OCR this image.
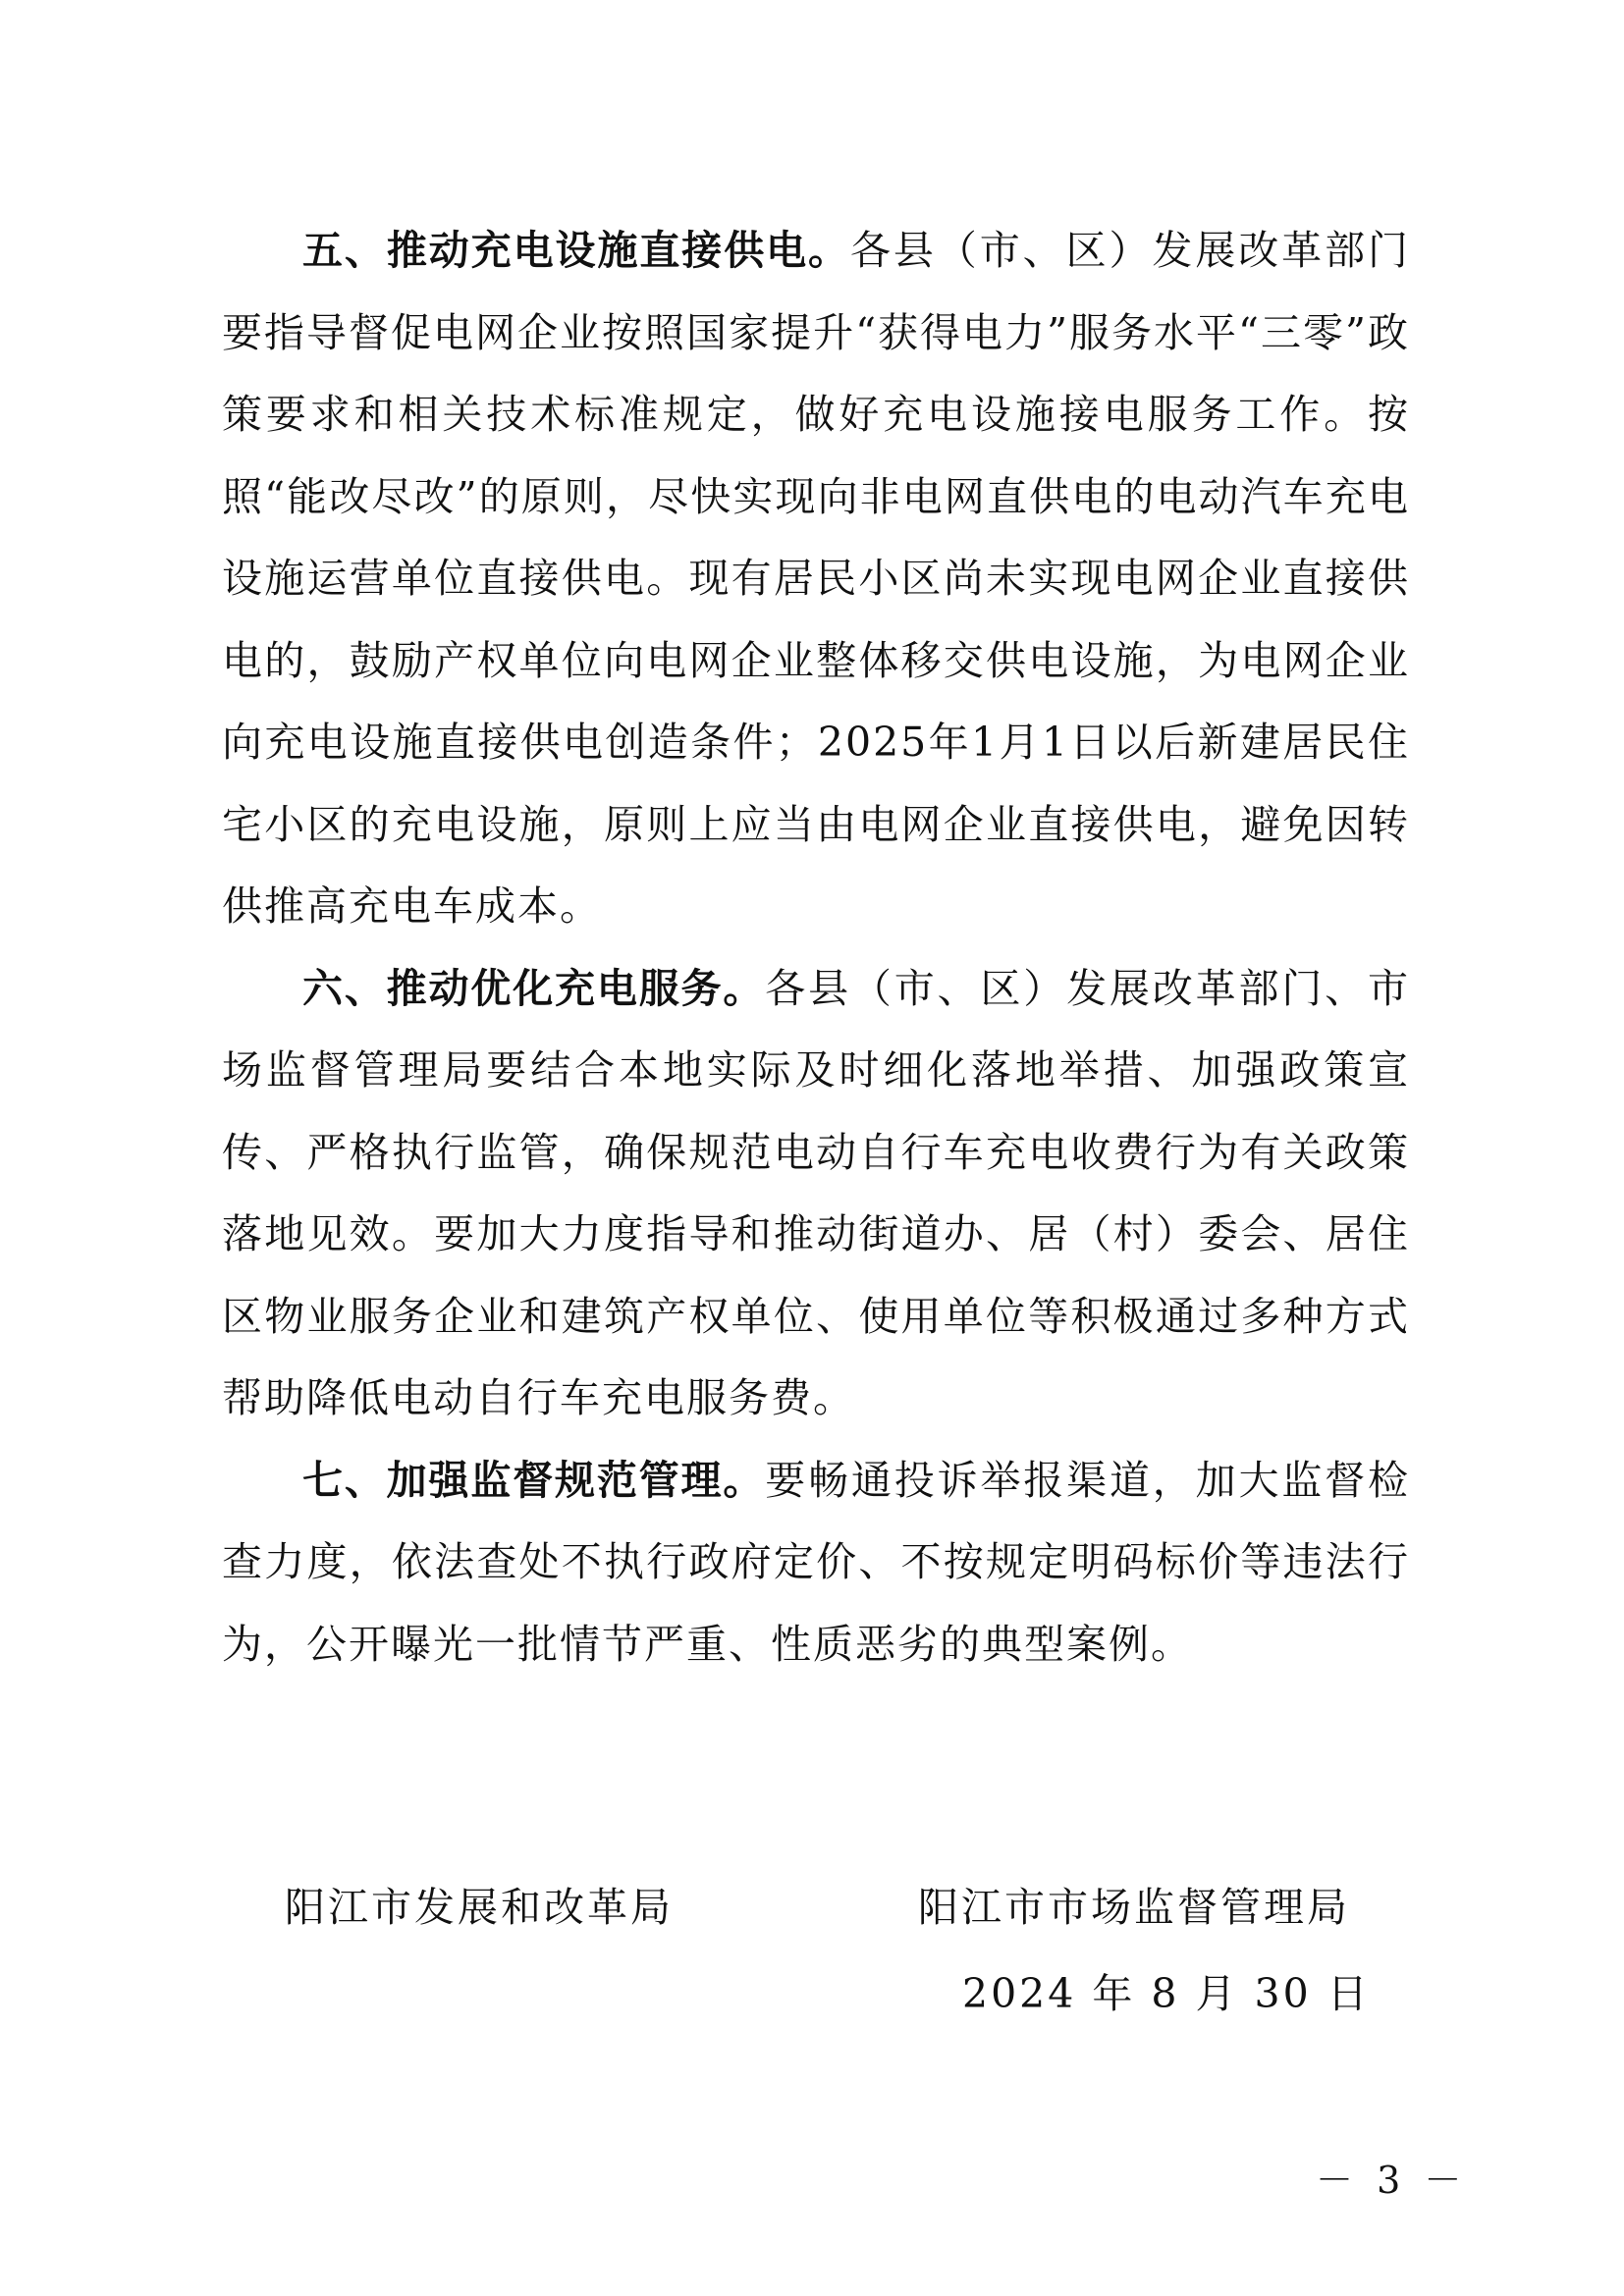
五、推动充电设施直接供电。各县（市、区）发展改革部门要指导督促电网企业按照国家提升“获得电力”服务水平“三零”政策要求和相关技术标准规定，做好充电设施接电服务工作。按照“能改尽改”的原则，尽快实现向非电网直供电的电动汽车充电设施运营单位直接供电。现有居民小区尚未实现电网企业直接供电的，鼓励产权单位向电网企业整体移交供电设施，为电网企业向充电设施直接供电创造条件；2025年1月1日以后新建居民住宅小区的充电设施，原则上应当由电网企业直接供电，避免因转供推高充电车成本。

六、推动优化充电服务。各县（市、区）发展改革部门、市场监督管理局要结合本地实际及时细化落地举措、加强政策宣传、严格执行监管，确保规范电动自行车充电收费行为有关政策落地见效。要加大力度指导和推动街道办、居（村）委会、居住区物业服务企业和建筑产权单位、使用单位等积极通过多种方式帮助降低电动自行车充电服务费。

七、加强监督规范管理。要畅通投诉举报渠道，加大监督检查力度，依法查处不执行政府定价、不按规定明码标价等违法行为，公开曝光一批情节严重、性质恶劣的典型案例。

阳江市发展和改革局	阳江市市场监督管理局
2024 年 8 月 30 日
－ 3 －
